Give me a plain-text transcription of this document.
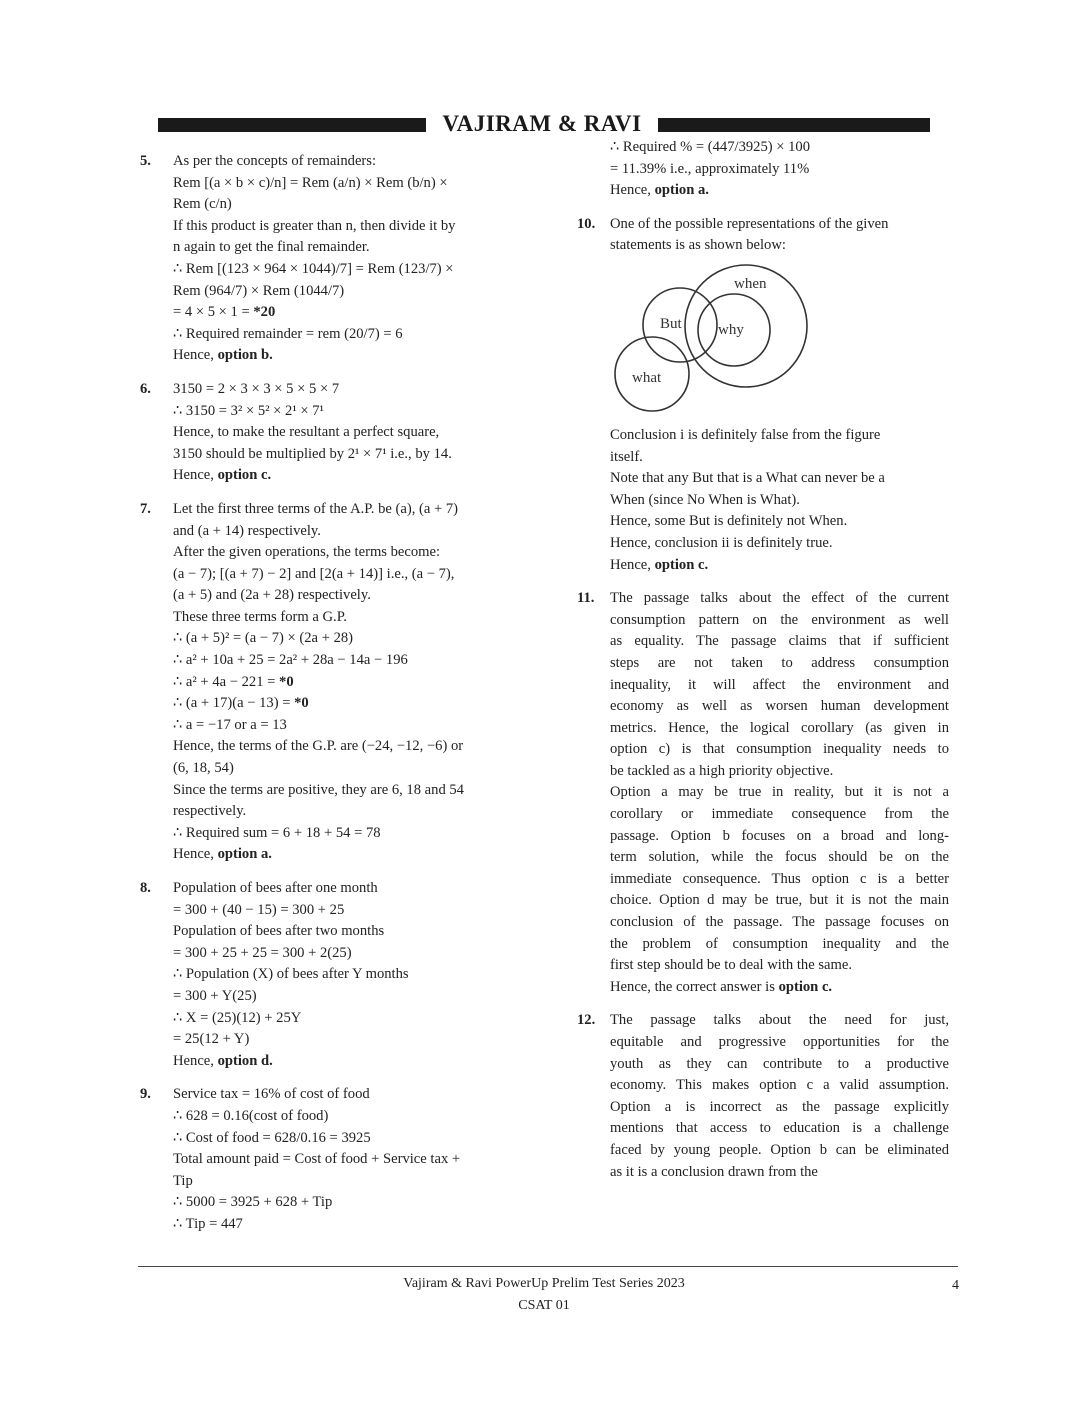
VAJIRAM & RAVI
5. As per the concepts of remainders:
Rem [(a × b × c)/n] = Rem (a/n) × Rem (b/n) ×
Rem (c/n)
If this product is greater than n, then divide it by
n again to get the final remainder.
∴ Rem [(123 × 964 × 1044)/7] = Rem (123/7) ×
Rem (964/7) × Rem (1044/7)
= 4 × 5 × 1 = *20
∴ Required remainder = rem (20/7) = 6
Hence, option b.
6. 3150 = 2 × 3 × 3 × 5 × 5 × 7
∴ 3150 = 3² × 5² × 2¹ × 7¹
Hence, to make the resultant a perfect square,
3150 should be multiplied by 2¹ × 7¹ i.e., by 14.
Hence, option c.
7. Let the first three terms of the A.P. be (a), (a + 7)
and (a + 14) respectively.
After the given operations, the terms become:
(a − 7); [(a + 7) − 2] and [2(a + 14)] i.e., (a − 7),
(a + 5) and (2a + 28) respectively.
These three terms form a G.P.
∴ (a + 5)² = (a − 7) × (2a + 28)
∴ a² + 10a + 25 = 2a² + 28a − 14a − 196
∴ a² + 4a − 221 = *0
∴ (a + 17)(a − 13) = *0
∴ a = −17 or a = 13
Hence, the terms of the G.P. are (−24, −12, −6) or
(6, 18, 54)
Since the terms are positive, they are 6, 18 and 54
respectively.
∴ Required sum = 6 + 18 + 54 = 78
Hence, option a.
8. Population of bees after one month
= 300 + (40 − 15) = 300 + 25
Population of bees after two months
= 300 + 25 + 25 = 300 + 2(25)
∴ Population (X) of bees after Y months
= 300 + Y(25)
∴ X = (25)(12) + 25Y
= 25(12 + Y)
Hence, option d.
9. Service tax = 16% of cost of food
∴ 628 = 0.16(cost of food)
∴ Cost of food = 628/0.16 = 3925
Total amount paid = Cost of food + Service tax +
Tip
∴ 5000 = 3925 + 628 + Tip
∴ Tip = 447
∴ Required % = (447/3925) × 100
= 11.39% i.e., approximately 11%
Hence, option a.
10. One of the possible representations of the given
statements is as shown below:
when
why
But
what
Conclusion i is definitely false from the figure
itself.
Note that any But that is a What can never be a
When (since No When is What).
Hence, some But is definitely not When.
Hence, conclusion ii is definitely true.
Hence, option c.
11. The passage talks about the effect of the current
consumption pattern on the environment as well
as equality. The passage claims that if sufficient
steps are not taken to address consumption
inequality, it will affect the environment and
economy as well as worsen human development
metrics. Hence, the logical corollary (as given in
option c) is that consumption inequality needs to
be tackled as a high priority objective.
Option a may be true in reality, but it is not a
corollary or immediate consequence from the
passage. Option b focuses on a broad and long-
term solution, while the focus should be on the
immediate consequence. Thus option c is a better
choice. Option d may be true, but it is not the main
conclusion of the passage. The passage focuses on
the problem of consumption inequality and the
first step should be to deal with the same.
Hence, the correct answer is option c.
12. The passage talks about the need for just,
equitable and progressive opportunities for the
youth as they can contribute to a productive
economy. This makes option c a valid assumption.
Option a is incorrect as the passage explicitly
mentions that access to education is a challenge
faced by young people. Option b can be eliminated
as it is a conclusion drawn from the
Vajiram & Ravi PowerUp Prelim Test Series 2023
CSAT 01
4
